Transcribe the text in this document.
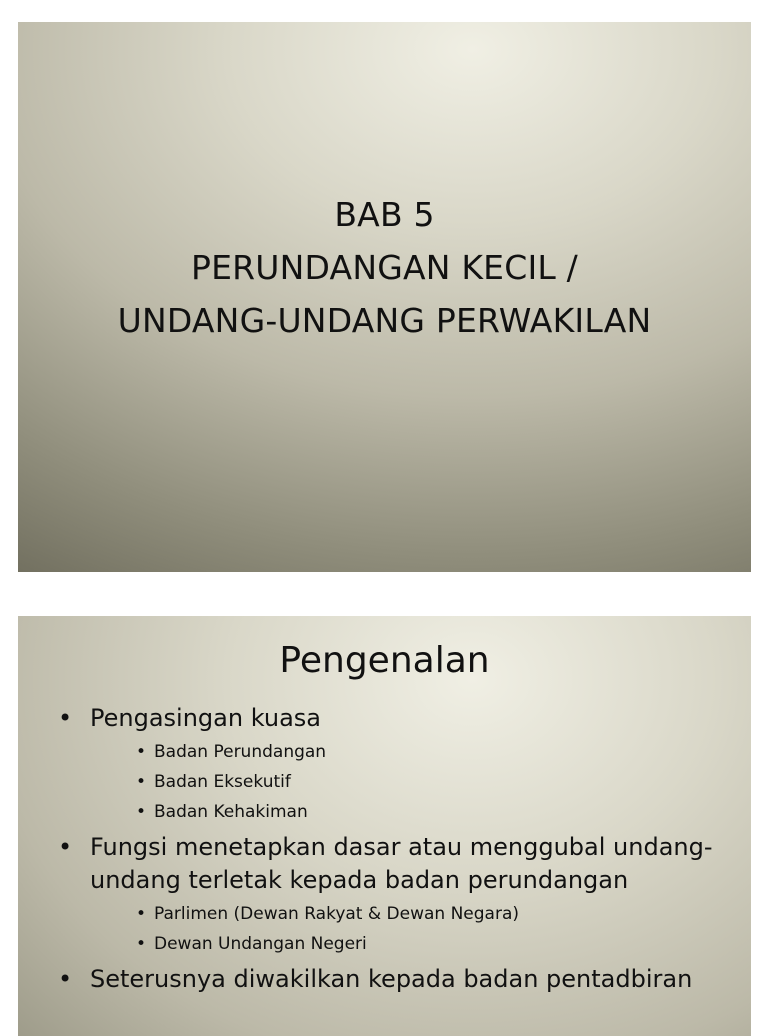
BAB 5
PERUNDANGAN KECIL /
UNDANG-UNDANG PERWAKILAN
Pengenalan
• Pengasingan kuasa
• Badan Perundangan
• Badan Eksekutif
• Badan Kehakiman
• Fungsi menetapkan dasar atau menggubal undang-undang terletak kepada badan perundangan
• Parlimen (Dewan Rakyat & Dewan Negara)
• Dewan Undangan Negeri
• Seterusnya diwakilkan kepada badan pentadbiran
